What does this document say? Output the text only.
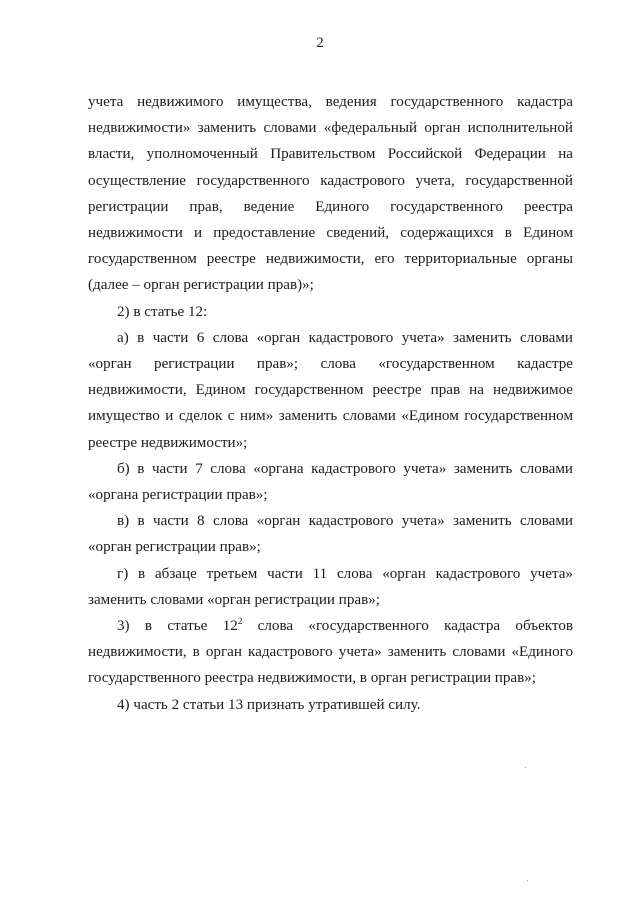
2

учета недвижимого имущества, ведения государственного кадастра
недвижимости» заменить словами «федеральный орган исполнительной
власти, уполномоченный Правительством Российской Федерации на
осуществление государственного кадастрового учета, государственной
регистрации прав, ведение Единого государственного реестра
недвижимости и предоставление сведений, содержащихся в Едином
государственном реестре недвижимости, его территориальные органы
(далее – орган регистрации прав)»;

2) в статье 12:

а) в части 6 слова «орган кадастрового учета» заменить словами
«орган регистрации прав»; слова «государственном кадастре
недвижимости, Едином государственном реестре прав на недвижимое
имущество и сделок с ним» заменить словами «Едином государственном
реестре недвижимости»;

б) в части 7 слова «органа кадастрового учета» заменить словами
«органа регистрации прав»;

в) в части 8 слова «орган кадастрового учета» заменить словами
«орган регистрации прав»;

г) в абзаце третьем части 11 слова «орган кадастрового учета»
заменить словами «орган регистрации прав»;

3) в статье $12^2$ слова «государственного кадастра объектов
недвижимости, в орган кадастрового учета» заменить словами «Единого
государственного реестра недвижимости, в орган регистрации прав»;

4) часть 2 статьи 13 признать утратившей силу.
